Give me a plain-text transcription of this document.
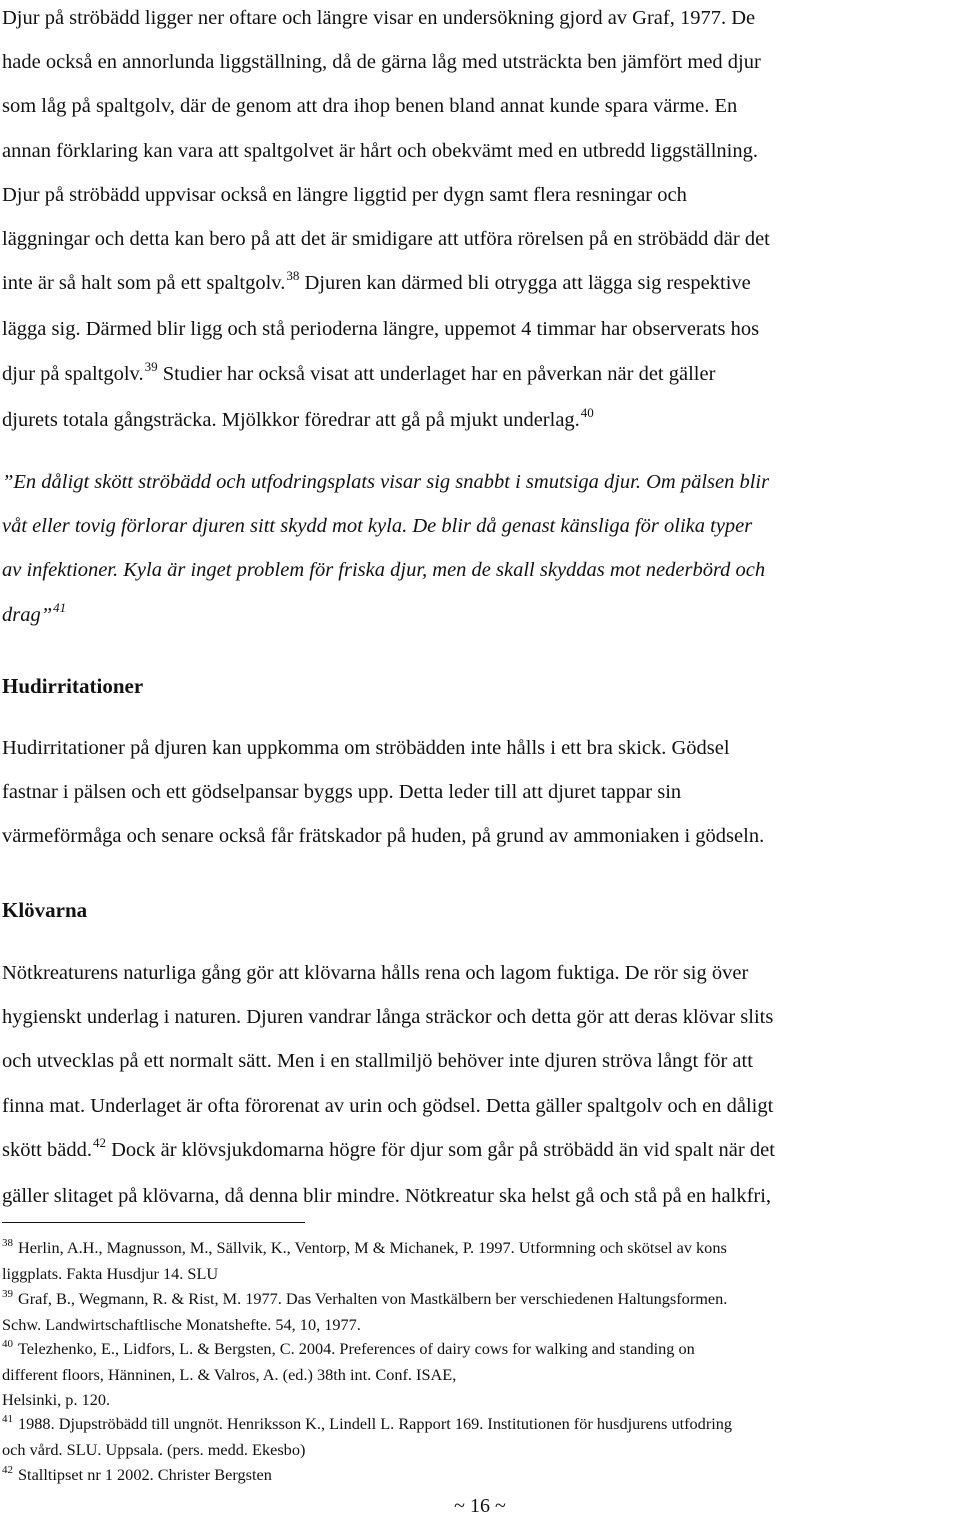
Djur på ströbädd ligger ner oftare och längre visar en undersökning gjord av Graf, 1977. De
hade också en annorlunda liggställning, då de gärna låg med utsträckta ben jämfört med djur
som låg på spaltgolv, där de genom att dra ihop benen bland annat kunde spara värme. En
annan förklaring kan vara att spaltgolvet är hårt och obekvämt med en utbredd liggställning.
Djur på ströbädd uppvisar också en längre liggtid per dygn samt flera resningar och
läggningar och detta kan bero på att det är smidigare att utföra rörelsen på en ströbädd där det
inte är så halt som på ett spaltgolv.$^{38}$ Djuren kan därmed bli otrygga att lägga sig respektive
lägga sig. Därmed blir ligg och stå perioderna längre, uppemot 4 timmar har observerats hos
djur på spaltgolv.$^{39}$ Studier har också visat att underlaget har en påverkan när det gäller
djurets totala gångsträcka. Mjölkkor föredrar att gå på mjukt underlag.$^{40}$
”En dåligt skött ströbädd och utfodringsplats visar sig snabbt i smutsiga djur. Om pälsen blir
våt eller tovig förlorar djuren sitt skydd mot kyla. De blir då genast känsliga för olika typer
av infektioner. Kyla är inget problem för friska djur, men de skall skyddas mot nederbörd och
drag”$^{41}$
Hudirritationer
Hudirritationer på djuren kan uppkomma om ströbädden inte hålls i ett bra skick. Gödsel
fastnar i pälsen och ett gödselpansar byggs upp. Detta leder till att djuret tappar sin
värmeförmåga och senare också får frätskador på huden, på grund av ammoniaken i gödseln.
Klövarna
Nötkreaturens naturliga gång gör att klövarna hålls rena och lagom fuktiga. De rör sig över
hygienskt underlag i naturen. Djuren vandrar långa sträckor och detta gör att deras klövar slits
och utvecklas på ett normalt sätt. Men i en stallmiljö behöver inte djuren ströva långt för att
finna mat. Underlaget är ofta förorenat av urin och gödsel. Detta gäller spaltgolv och en dåligt
skött bädd.$^{42}$ Dock är klövsjukdomarna högre för djur som går på ströbädd än vid spalt när det
gäller slitaget på klövarna, då denna blir mindre. Nötkreatur ska helst gå och stå på en halkfri,
$^{38}$ Herlin, A.H., Magnusson, M., Sällvik, K., Ventorp, M & Michanek, P. 1997. Utformning och skötsel av kons
liggplats. Fakta Husdjur 14. SLU
$^{39}$ Graf, B., Wegmann, R. & Rist, M. 1977. Das Verhalten von Mastkälbern ber verschiedenen Haltungsformen.
Schw. Landwirtschaftlische Monatshefte. 54, 10, 1977.
$^{40}$ Telezhenko, E., Lidfors, L. & Bergsten, C. 2004. Preferences of dairy cows for walking and standing on
different floors, Hänninen, L. & Valros, A. (ed.) 38th int. Conf. ISAE,
Helsinki, p. 120.
$^{41}$ 1988. Djupströbädd till ungnöt. Henriksson K., Lindell L. Rapport 169. Institutionen för husdjurens utfodring
och vård. SLU. Uppsala. (pers. medd. Ekesbo)
$^{42}$ Stalltipset nr 1 2002. Christer Bergsten
~ 16 ~
